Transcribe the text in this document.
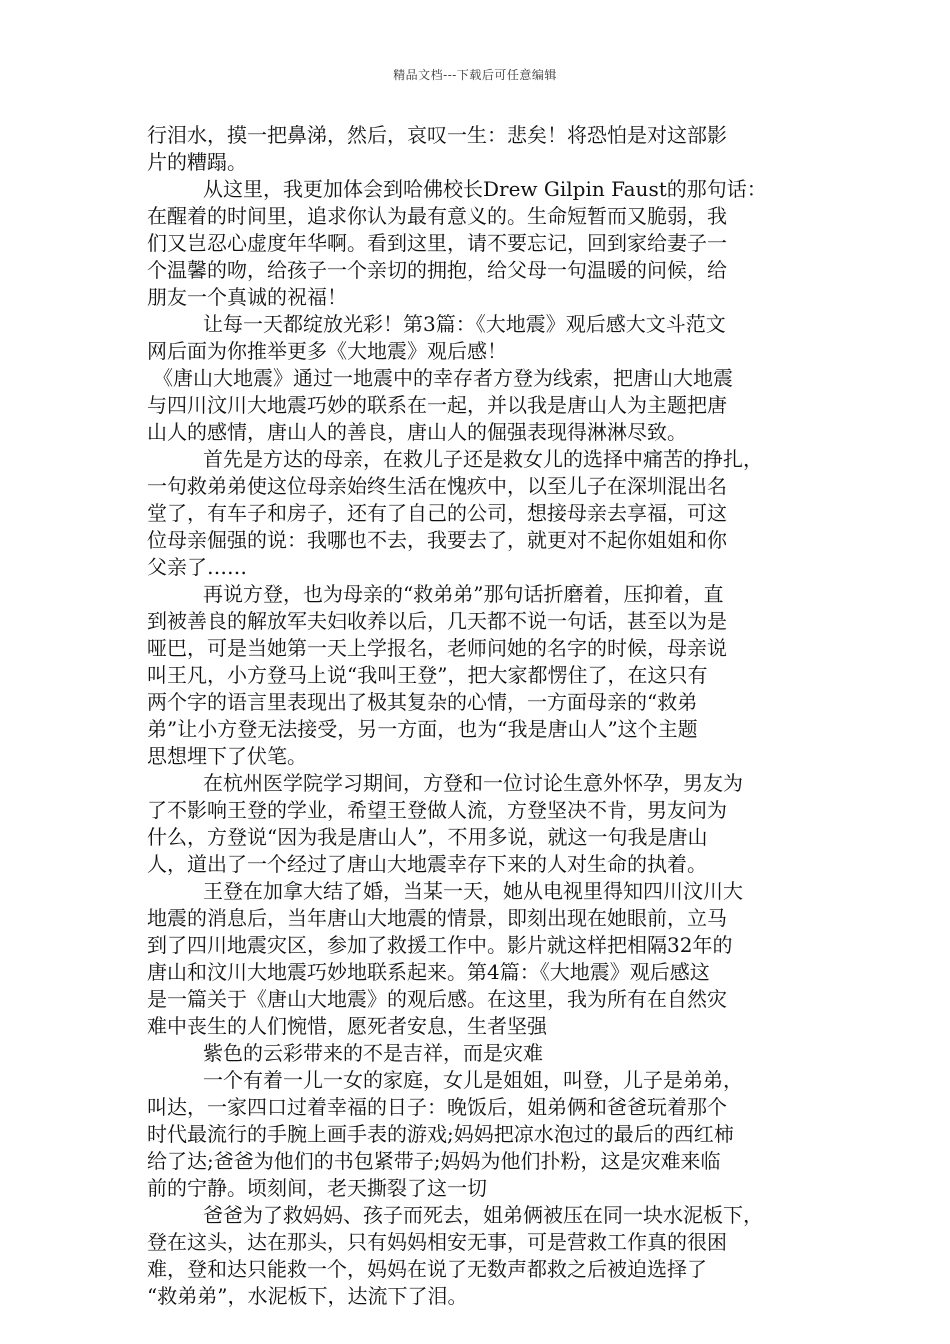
精品文档---下载后可任意编辑
行泪水，摸一把鼻涕，然后，哀叹一生：悲矣！将恐怕是对这部影
片的糟蹋。
从这里，我更加体会到哈佛校长Drew Gilpin Faust的那句话：
在醒着的时间里，追求你认为最有意义的。生命短暂而又脆弱，我
们又岂忍心虚度年华啊。看到这里，请不要忘记，回到家给妻子一
个温馨的吻，给孩子一个亲切的拥抱，给父母一句温暖的问候，给
朋友一个真诚的祝福！
让每一天都绽放光彩！第3篇：《大地震》观后感大文斗范文
网后面为你推举更多《大地震》观后感！
《唐山大地震》通过一地震中的幸存者方登为线索，把唐山大地震
与四川汶川大地震巧妙的联系在一起，并以我是唐山人为主题把唐
山人的感情，唐山人的善良，唐山人的倔强表现得淋淋尽致。
首先是方达的母亲，在救儿子还是救女儿的选择中痛苦的挣扎，
一句救弟弟使这位母亲始终生活在愧疚中，以至儿子在深圳混出名
堂了，有车子和房子，还有了自己的公司，想接母亲去享福，可这
位母亲倔强的说：我哪也不去，我要去了，就更对不起你姐姐和你
父亲了……
再说方登，也为母亲的“救弟弟”那句话折磨着，压抑着，直
到被善良的解放军夫妇收养以后，几天都不说一句话，甚至以为是
哑巴，可是当她第一天上学报名，老师问她的名字的时候，母亲说
叫王凡，小方登马上说“我叫王登”，把大家都愣住了，在这只有
两个字的语言里表现出了极其复杂的心情，一方面母亲的“救弟
弟”让小方登无法接受，另一方面，也为“我是唐山人”这个主题
思想埋下了伏笔。
在杭州医学院学习期间，方登和一位讨论生意外怀孕，男友为
了不影响王登的学业，希望王登做人流，方登坚决不肯，男友问为
什么，方登说“因为我是唐山人”，不用多说，就这一句我是唐山
人，道出了一个经过了唐山大地震幸存下来的人对生命的执着。
王登在加拿大结了婚，当某一天，她从电视里得知四川汶川大
地震的消息后，当年唐山大地震的情景，即刻出现在她眼前，立马
到了四川地震灾区，参加了救援工作中。影片就这样把相隔32年的
唐山和汶川大地震巧妙地联系起来。第4篇：《大地震》观后感这
是一篇关于《唐山大地震》的观后感。在这里，我为所有在自然灾
难中丧生的人们惋惜，愿死者安息，生者坚强
紫色的云彩带来的不是吉祥，而是灾难
一个有着一儿一女的家庭，女儿是姐姐，叫登，儿子是弟弟，
叫达，一家四口过着幸福的日子：晚饭后，姐弟俩和爸爸玩着那个
时代最流行的手腕上画手表的游戏;妈妈把凉水泡过的最后的西红柿
给了达;爸爸为他们的书包紧带子;妈妈为他们扑粉，这是灾难来临
前的宁静。顷刻间，老天撕裂了这一切
爸爸为了救妈妈、孩子而死去，姐弟俩被压在同一块水泥板下，
登在这头，达在那头，只有妈妈相安无事，可是营救工作真的很困
难，登和达只能救一个，妈妈在说了无数声都救之后被迫选择了
“救弟弟”，水泥板下，达流下了泪。
